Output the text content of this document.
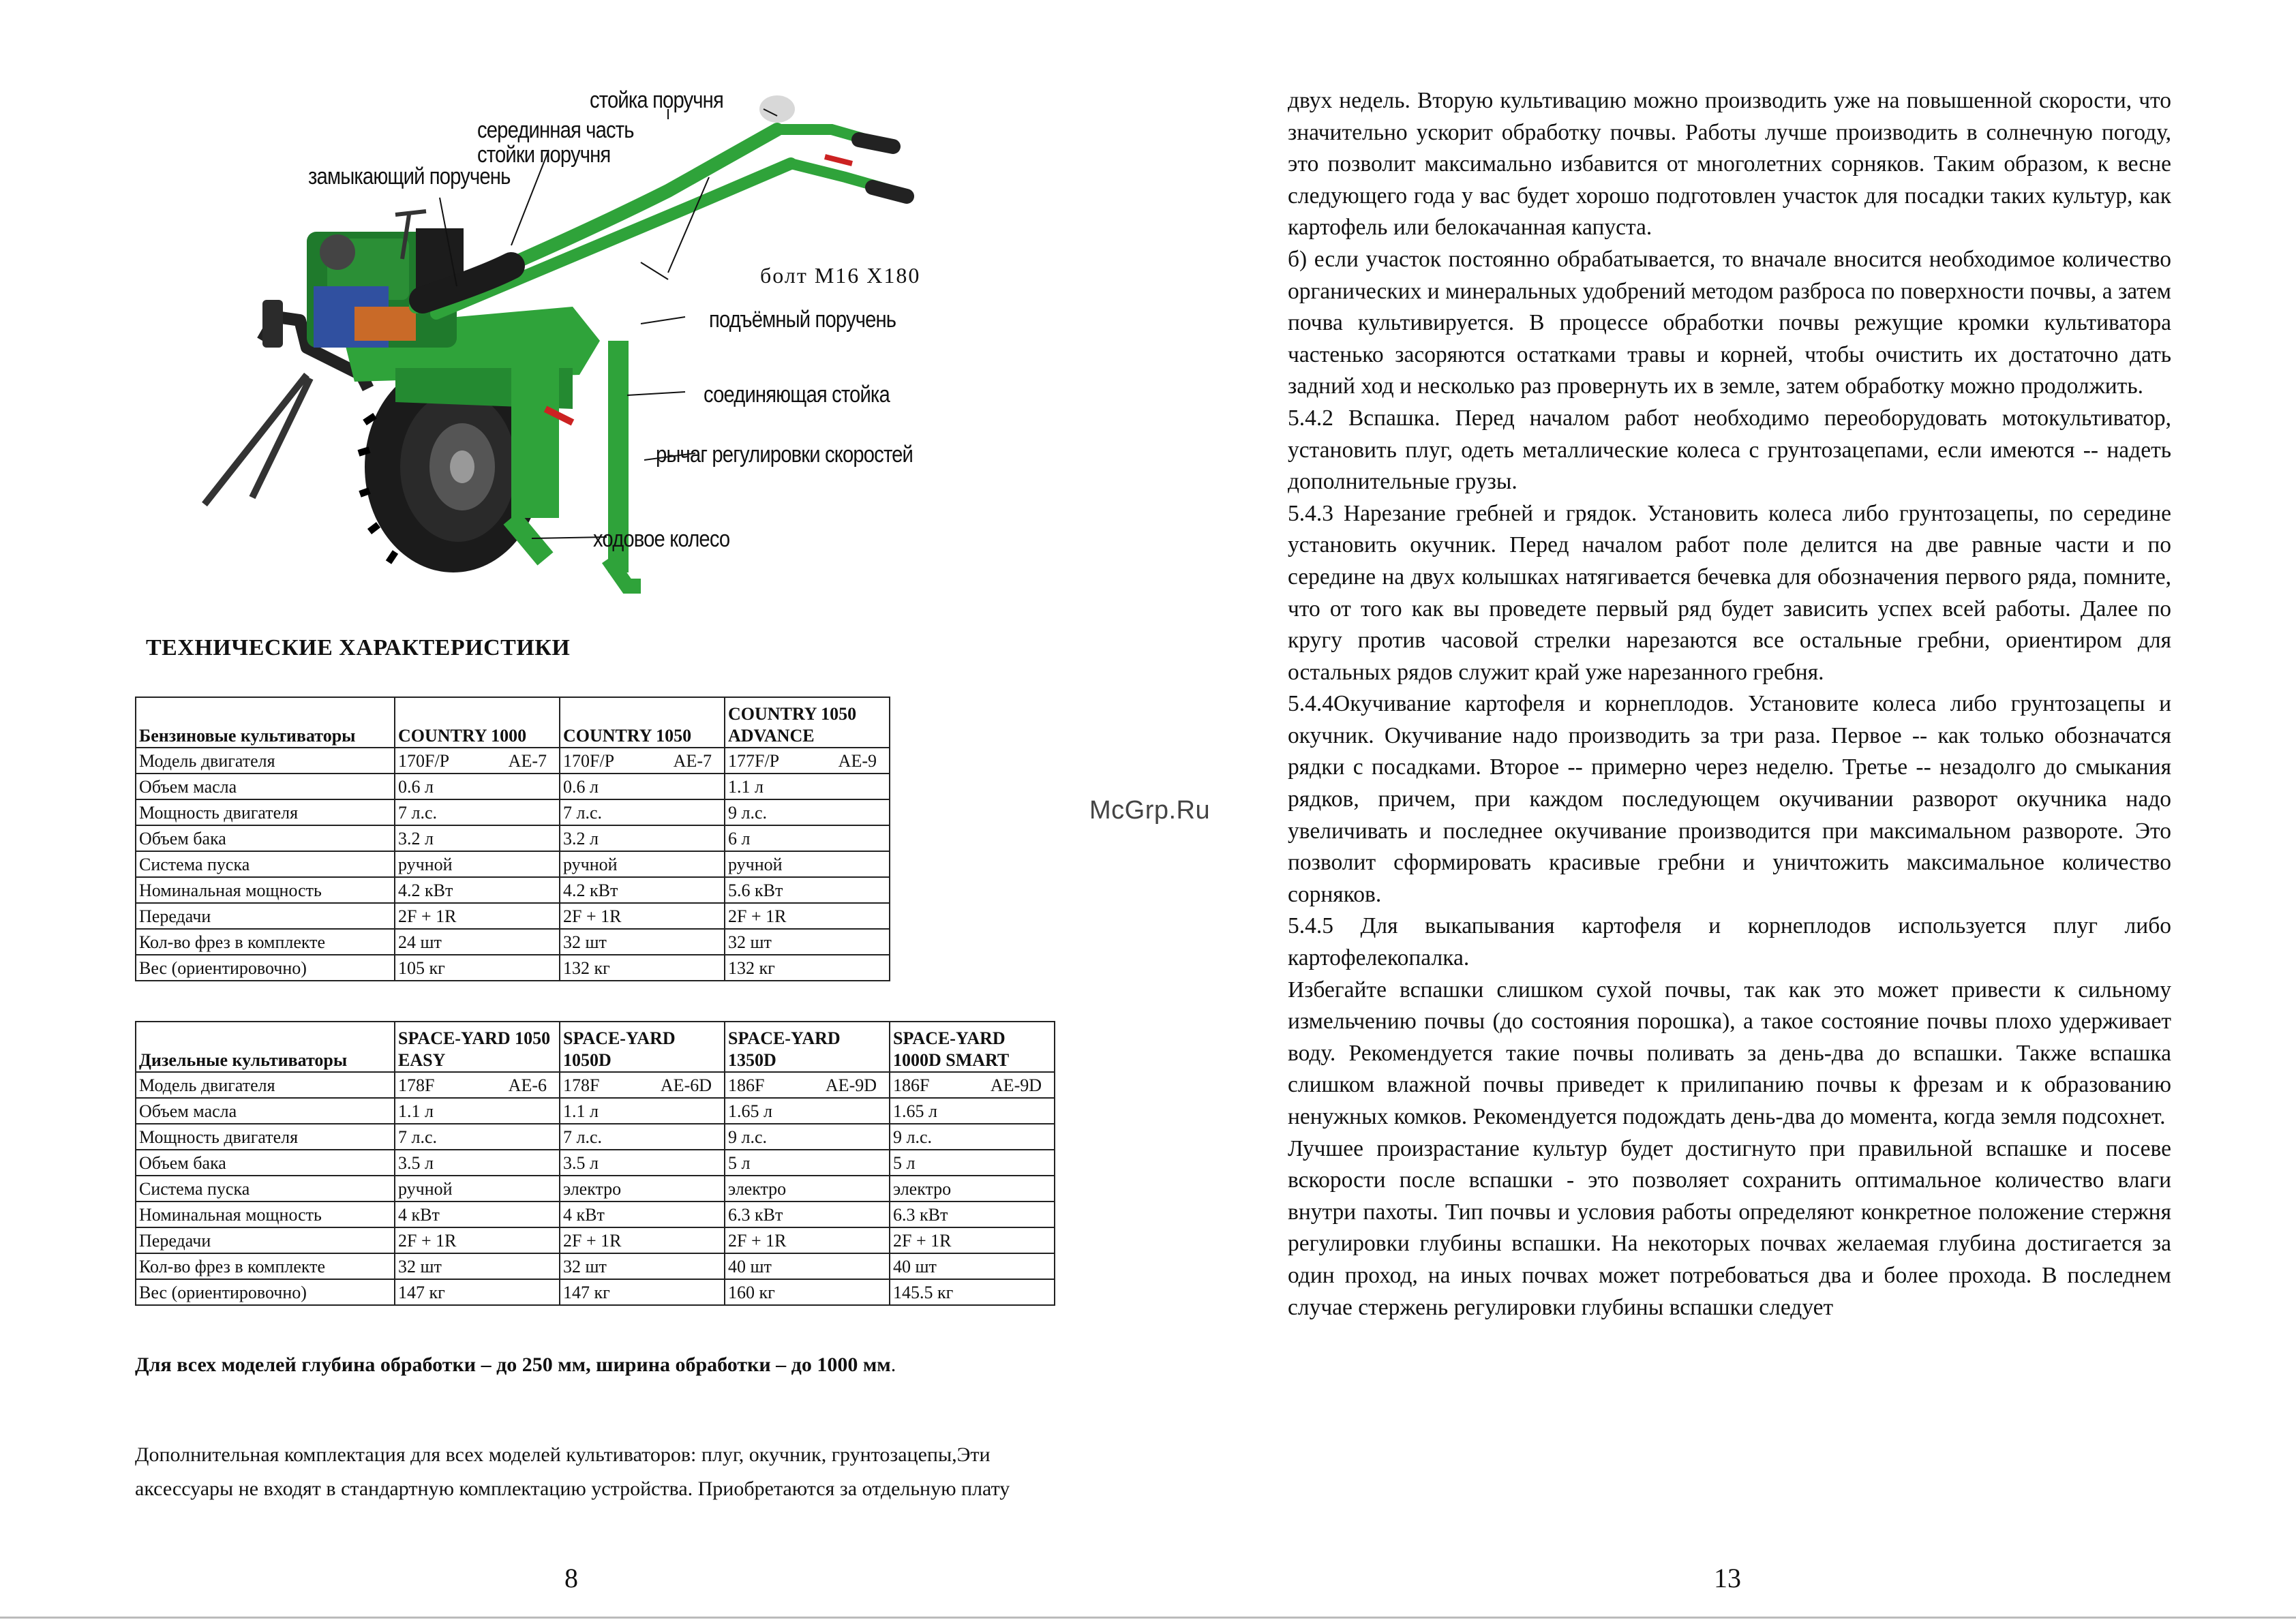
стойка поручня
серединная часть
стойки поручня
замыкающий поручень
болт М16 Х180
подъёмный поручень
соединяющая стойка
рычаг регулировки скоростей
ходовое колесо
ТЕХНИЧЕСКИЕ ХАРАКТЕРИСТИКИ
Бензиновые культиваторы	COUNTRY 1000	COUNTRY 1050	COUNTRY 1050 ADVANCE
Модель двигателя	170F/P AE-7	170F/P AE-7	177F/P AE-9

Объем масла	0.6 л	0.6 л	1.1 л
Мощность двигателя	7 л.с.	7 л.с.	9 л.с.
Объем бака	3.2 л	3.2 л	6 л
Система пуска	ручной	ручной	ручной
Номинальная мощность	4.2 кВт	4.2 кВт	5.6 кВт
Передачи	2F + 1R	2F + 1R	2F + 1R
Кол-во фрез в комплекте	24 шт	32 шт	32 шт
Вес (ориентировочно)	105 кг	132 кг	132 кг
Дизельные культиваторы	SPACE-YARD 1050 EASY	SPACE-YARD 1050D	SPACE-YARD 1350D	SPACE-YARD 1000D SMART
Модель двигателя	178F AE-6	178F AE-6D	186F AE-9D	186F AE-9D

Объем масла	1.1 л	1.1 л	1.65 л	1.65 л
Мощность двигателя	7 л.с.	7 л.с.	9 л.с.	9 л.с.
Объем бака	3.5 л	3.5 л	5 л	5 л
Система пуска	ручной	электро	электро	электро
Номинальная мощность	4 кВт	4 кВт	6.3 кВт	6.3 кВт
Передачи	2F + 1R	2F + 1R	2F + 1R	2F + 1R
Кол-во фрез в комплекте	32 шт	32 шт	40 шт	40 шт
Вес (ориентировочно)	147 кг	147 кг	160 кг	145.5 кг
Для всех моделей глубина обработки – до 250 мм, ширина обработки – до 1000 мм.
Дополнительная комплектация для всех моделей культиваторов: плуг, окучник, грунтозацепы,Эти аксессуары не входят в стандартную комплектацию устройства. Приобретаются за отдельную плату
8
McGrp.Ru

двух недель. Вторую культивацию можно производить уже на повышенной скорости, что значительно ускорит обработку почвы. Работы лучше производить в солнечную погоду, это позволит максимально избавится от многолетних сорняков. Таким образом, к весне следующего года у вас будет хорошо подготовлен участок для посадки таких культур, как картофель или белокачанная капуста.

б) если участок постоянно обрабатывается, то вначале вносится необходимое количество органических и минеральных удобрений методом разброса по поверхности почвы, а затем почва культивируется. В процессе обработки почвы режущие кромки культиватора частенько засоряются остатками травы и корней, чтобы очистить их достаточно дать задний ход и несколько раз провернуть их в земле, затем обработку можно продолжить.

5.4.2 Вспашка. Перед началом работ необходимо переоборудовать мотокультиватор, установить плуг, одеть металлические колеса с грунтозацепами, если имеются -- надеть дополнительные грузы.

5.4.3 Нарезание гребней и грядок. Установить колеса либо грунтозацепы, по середине установить окучник. Перед началом работ поле делится на две равные части и по середине на двух колышках натягивается бечевка для обозначения первого ряда, помните, что от того как вы проведете первый ряд будет зависить успех всей работы. Далее по кругу против часовой стрелки нарезаются все остальные гребни, ориентиром для остальных рядов служит край уже нарезанного гребня.

5.4.4Окучивание картофеля и корнеплодов. Установите колеса либо грунтозацепы и окучник. Окучивание надо производить за три раза. Первое -- как только обозначатся рядки с посадками. Второе -- примерно через неделю. Третье -- незадолго до смыкания рядков, причем, при каждом последующем окучивании разворот окучника надо увеличивать и последнее окучивание производится при максимальном развороте. Это позволит сформировать красивые гребни и уничтожить максимальное количество сорняков.

5.4.5 Для выкапывания картофеля и корнеплодов используется плуг либо картофелекопалка.

Избегайте вспашки слишком сухой почвы, так как это может привести к сильному измельчению почвы (до состояния порошка), а такое состояние почвы плохо удерживает воду. Рекомендуется такие почвы поливать за день-два до вспашки. Также вспашка слишком влажной почвы приведет к прилипанию почвы к фрезам и к образованию ненужных комков. Рекомендуется подождать день-два до момента, когда земля подсохнет.

Лучшее произрастание культур будет достигнуто при правильной вспашке и посеве вскорости после вспашки - это позволяет сохранить оптимальное количество влаги внутри пахоты. Тип почвы и условия работы определяют конкретное положение стержня регулировки глубины вспашки. На некоторых почвах желаемая глубина достигается за один проход, на иных почвах может потребоваться два и более прохода. В последнем случае стержень регулировки глубины вспашки следует

13
